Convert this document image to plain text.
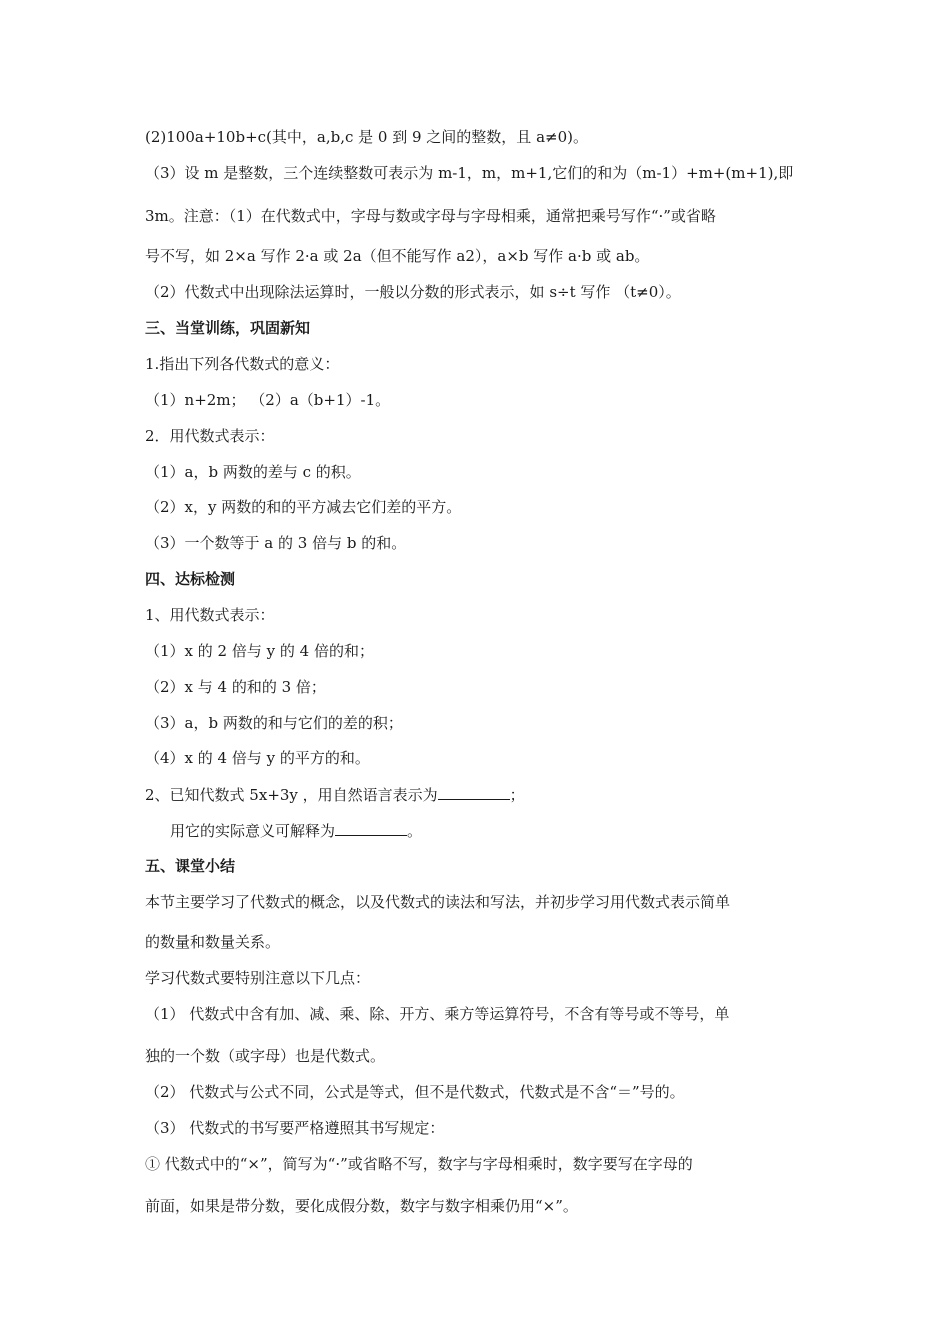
(2)100a+10b+c(其中，a,b,c 是 0 到 9 之间的整数，且 a≠0)。
（3）设 m 是整数，三个连续整数可表示为 m-1，m，m+1,它们的和为（m-1）+m+(m+1),即
3m。注意：（1）在代数式中，字母与数或字母与字母相乘，通常把乘号写作“·”或省略
号不写，如 2×a 写作 2·a 或 2a（但不能写作 a2），a×b 写作 a·b 或 ab。
（2）代数式中出现除法运算时，一般以分数的形式表示，如 s÷t 写作 （t≠0）。
三、当堂训练，巩固新知
1.指出下列各代数式的意义：
（1）n+2m； （2）a（b+1）-1。
2．用代数式表示：
（1）a，b 两数的差与 c 的积。
（2）x，y 两数的和的平方减去它们差的平方。
（3）一个数等于 a 的 3 倍与 b 的和。
四、达标检测
1、用代数式表示：
（1）x 的 2 倍与 y 的 4 倍的和；
（2）x 与 4 的和的 3 倍；
（3）a，b 两数的和与它们的差的积；
（4）x 的 4 倍与 y 的平方的和。
2、已知代数式 5x+3y ，用自然语言表示为	；
用它的实际意义可解释为	。
五、课堂小结
本节主要学习了代数式的概念，以及代数式的读法和写法，并初步学习用代数式表示简单
的数量和数量关系。
学习代数式要特别注意以下几点：
（1） 代数式中含有加、减、乘、除、开方、乘方等运算符号，不含有等号或不等号，单
独的一个数（或字母）也是代数式。
（2） 代数式与公式不同，公式是等式，但不是代数式，代数式是不含“＝”号的。
（3） 代数式的书写要严格遵照其书写规定：
① 代数式中的“×”，简写为“·”或省略不写，数字与字母相乘时，数字要写在字母的
前面，如果是带分数，要化成假分数，数字与数字相乘仍用“×”。
